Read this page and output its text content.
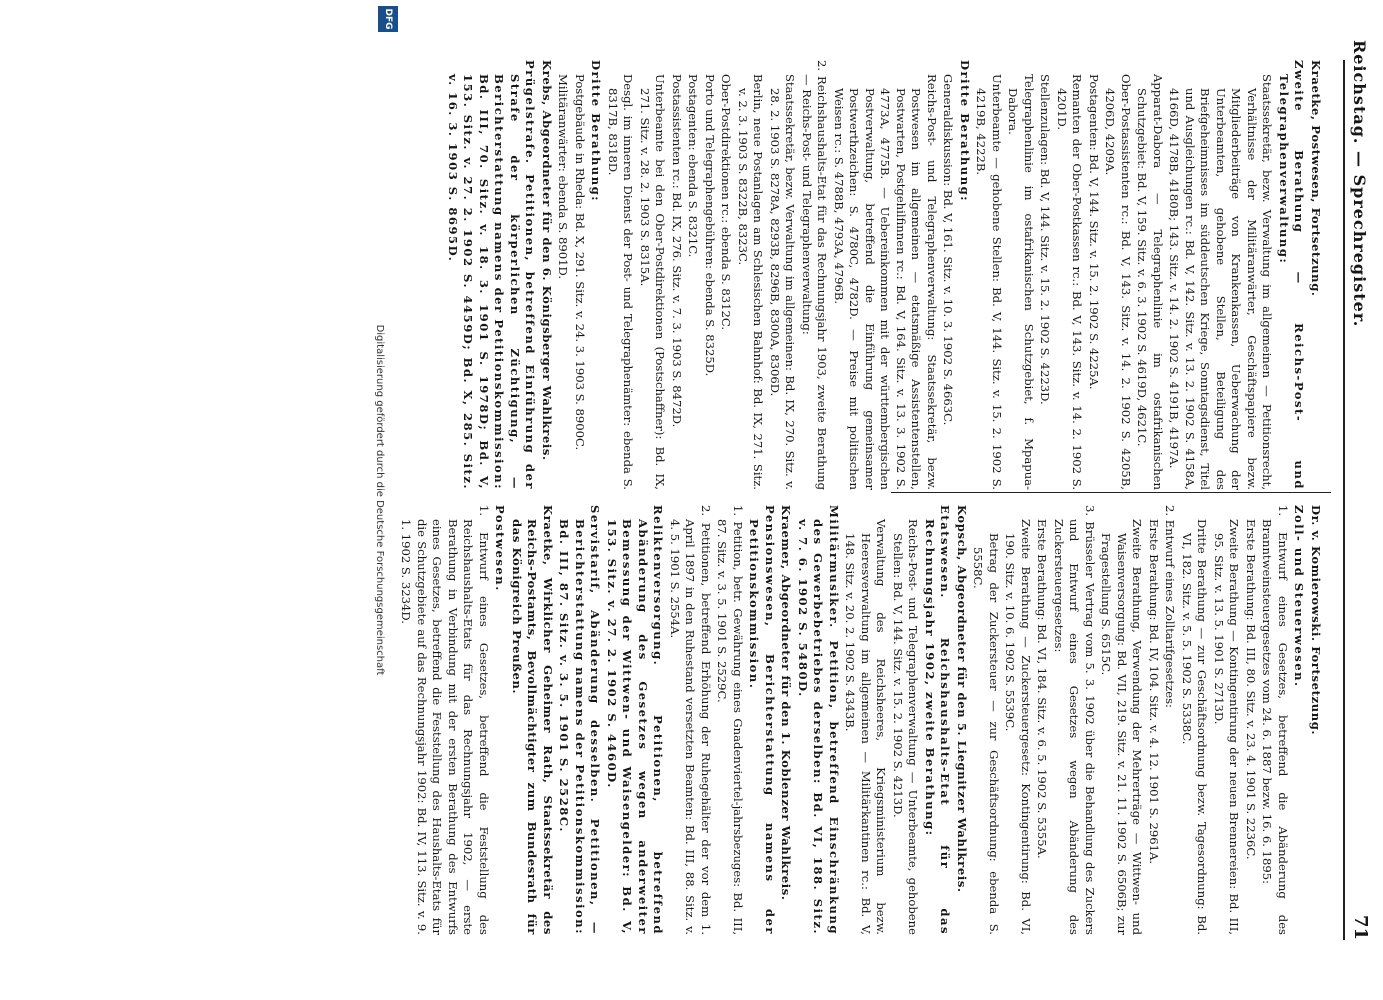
Reichstag. — Sprechregister.
71
Dr. v. Komierowski. Fortsetzung.
Zoll- und Steuerwesen.
1. Entwurf eines Gesetzes, betreffend die Abänderung des Branntweinsteuergesetzes vom 24. 6. 1887 bezw. 16. 6. 1895:
Erste Berathung: Bd. III, 80. Sitz. v. 23. 4. 1901 S. 2236C.
Zweite Berathung — Kontingentirung der neuen Brennereien: Bd. III, 95. Sitz. v. 13. 5. 1901 S. 2713D.
Dritte Berathung — zur Geschäftsordnung bezw. Tagesordnung: Bd. VI, 182. Sitz. v. 5. 5. 1902 S. 5338C.
2. Entwurf eines Zolltarifgesetzes:
Erste Berathung: Bd. IV, 104. Sitz. v. 4. 12. 1901 S. 2961A.
Zweite Berathung, Verwendung der Mehrerträge — Wittwen- und Waisenversorgung: Bd. VII, 219. Sitz. v. 21. 11. 1902 S. 6506B; zur Fragestellung S. 6515C.
3. Brüsseler Vertrag vom 5. 3. 1902 über die Behandlung des Zuckers und Entwurf eines Gesetzes wegen Abänderung des Zuckersteuergesetzes:
Erste Berathung: Bd. VI, 184. Sitz. v. 6. 5. 1902 S. 5355A.
Zweite Berathung — Zuckersteuergesetz: Kontingentirung: Bd. VI, 190. Sitz. v. 10. 6. 1902 S. 5539C.
Betrag der Zuckersteuer — zur Geschäftsordnung: ebenda S. 5558C.
Kopsch, Abgeordneter für den 5. Liegnitzer Wahlkreis.
Etatswesen. Reichshaushalts-Etat für das Rechnungsjahr 1902, zweite Berathung:
Reichs-Post- und Telegraphenverwaltung — Unterbeamte, gehobene Stellen: Bd. V, 144. Sitz. v. 15. 2. 1902 S. 4213D.
Verwaltung des Reichsheeres, Kriegsministerium bezw. Heeresverwaltung im allgemeinen — Militärkantinen rc.: Bd. V, 148. Sitz. v. 20. 2. 1902 S. 4343B.
Militärmusiker. Petition, betreffend Einschränkung des Gewerbebetriebes derselben: Bd. VI, 188. Sitz. v. 7. 6. 1902 S. 5480D.
Kraemer, Abgeordneter für den 1. Koblenzer Wahlkreis.
Pensionswesen, Berichterstattung namens der Petitionskommission.
1. Petition, betr. Gewährung eines Gnadenviertel-jahrsbezuges: Bd. III, 87. Sitz. v. 3. 5. 1901 S. 2529C.
2. Petitionen, betreffend Erhöhung der Ruhegehälter der vor dem 1. April 1897 in den Ruhestand versetzten Beamten: Bd. III, 88. Sitz. v. 4. 5. 1901 S. 2554A.
Reliktenversorgung. Petitionen, betreffend Abänderung des Gesetzes wegen anderweiter Bemessung der Wittwen- und Waisengelder: Bd. V, 153. Sitz. v. 27. 2. 1902 S. 4460D.
Servistarif, Abänderung desselben. Petitionen, — Berichterstattung namens der Petitionskommission: Bd. III, 87. Sitz. v. 3. 5. 1901 S. 2528C.
Kraetke, Wirklicher Geheimer Rath, Staatssekretär des Reichs-Postamts, Bevollmächtigter zum Bundesrath für das Königreich Preußen.
Postwesen.
1. Entwurf eines Gesetzes, betreffend die Feststellung des Reichshaushalts-Etats für das Rechnungsjahr 1902, — erste Berathung in Verbindung mit der ersten Berathung des Entwurfs eines Gesetzes, betreffend die Feststellung des Haushalts-Etats für die Schutzgebiete auf das Rechnungsjahr 1902: Bd. IV, 113. Sitz. v. 9. 1. 1902 S. 3234D.
Kraetke, Postwesen, Fortsetzung.
Zweite Berathung — Reichs-Post- und Telegraphenverwaltung:
Staatssekretär, bezw. Verwaltung im allgemeinen — Petitionsrecht, Verhältnisse der Militäranwärter, Geschäftspapiere bezw. Mitgliederbeiträge von Krankenkassen, Ueberwachung der Unterbeamten, gehobene Stellen, Beteiligung des Briefgeheimnisses im süddeutschen Kriege, Sonntagsdienst, Titel und Ausgleichungen rc.: Bd. V, 142. Sitz. v. 13. 2. 1902 S. 4158A, 4166D, 4178B, 4180B; 143. Sitz. v. 14. 2. 1902 S. 4191B, 4197A.
Apparat-Dabora — Telegraphenlinie im ostafrikanischen Schutzgebiet: Bd. V, 159. Sitz. v. 6. 3. 1902 S. 4619D, 4621C.
Ober-Postassistenten rc.: Bd. V, 143. Sitz. v. 14. 2. 1902 S. 4205B, 4206D, 4209A.
Postagenten: Bd. V, 144. Sitz. v. 15. 2. 1902 S. 4225A.
Remanten der Ober-Postkassen rc.: Bd. V, 143. Sitz. v. 14. 2. 1902 S. 4201D.
Stellenzulagen: Bd. V, 144. Sitz. v. 15. 2. 1902 S. 4223D.
Telegraphenlinie im ostafrikanischen Schutzgebiet, f. Mpapua-Dabora.
Unterbeamte — gehobene Stellen: Bd. V, 144. Sitz. v. 15. 2. 1902 S. 4219B, 4222B.
Dritte Berathung:
Generaldiskussion: Bd. V, 161. Sitz. v. 10. 3. 1902 S. 4663C.
Reichs-Post- und Telegraphenverwaltung: Staatssekretär, bezw. Postwesen im allgemeinen — etatsmäßige Assistentenstellen, Postwarten, Postgehilfinnen rc.: Bd. V, 164. Sitz. v. 13. 3. 1902 S. 4773A, 4775B. — Uebereinkommen mit der württembergischen Postverwaltung, betreffend die Einführung gemeinsamer Postwerthzeichen: S. 4780C, 4782D. — Preise mit politischen Weisen rc.: S. 4788B, 4793A, 4796B.
2. Reichshaushalts-Etat für das Rechnungsjahr 1903, zweite Berathung — Reichs-Post- und Telegraphenverwaltung:
Staatssekretär, bezw. Verwaltung im allgemeinen: Bd. IX, 270. Sitz. v. 28. 2. 1903 S. 8278A, 8293B, 8296B, 8300A, 8306D.
Berlin, neue Postanlagen am Schlesischen Bahnhof: Bd. IX, 271. Sitz. v. 2. 3. 1903 S. 8322B, 8323C.
Ober-Postdirektionen rc.: ebenda S. 8312C.
Porto und Telegraphengebühren: ebenda S. 8325D.
Postagenten: ebenda S. 8321C.
Postassistenten rc.: Bd. IX, 276. Sitz. v. 7. 3. 1903 S. 8472D.
Unterbeamte bei den Ober-Postdirektionen (Postschaffner): Bd. IX, 271. Sitz. v. 28. 2. 1903 S. 8315A.
Desgl. im inneren Dienst der Post- und Telegraphenämter: ebenda S. 8317B, 8318D.
Dritte Berathung:
Postgebäude in Rheda: Bd. X, 291. Sitz. v. 24. 3. 1903 S. 8900C.
Militäranwärter: ebenda S. 8901D.
Krebs, Abgeordneter für den 6. Königsberger Wahlkreis.
Prügelstrafe. Petitionen, betreffend Einführung der Strafe der körperlichen Züchtigung, — Berichterstattung namens der Petitionskommission: Bd. III, 70. Sitz. v. 18. 3. 1901 S. 1978D; Bd. V, 153. Sitz. v. 27. 2. 1902 S. 4459D; Bd. X, 285. Sitz. v. 16. 3. 1903 S. 8695D.
DFG
Digitalisierung gefördert durch die Deutsche Forschungsgemeinschaft
